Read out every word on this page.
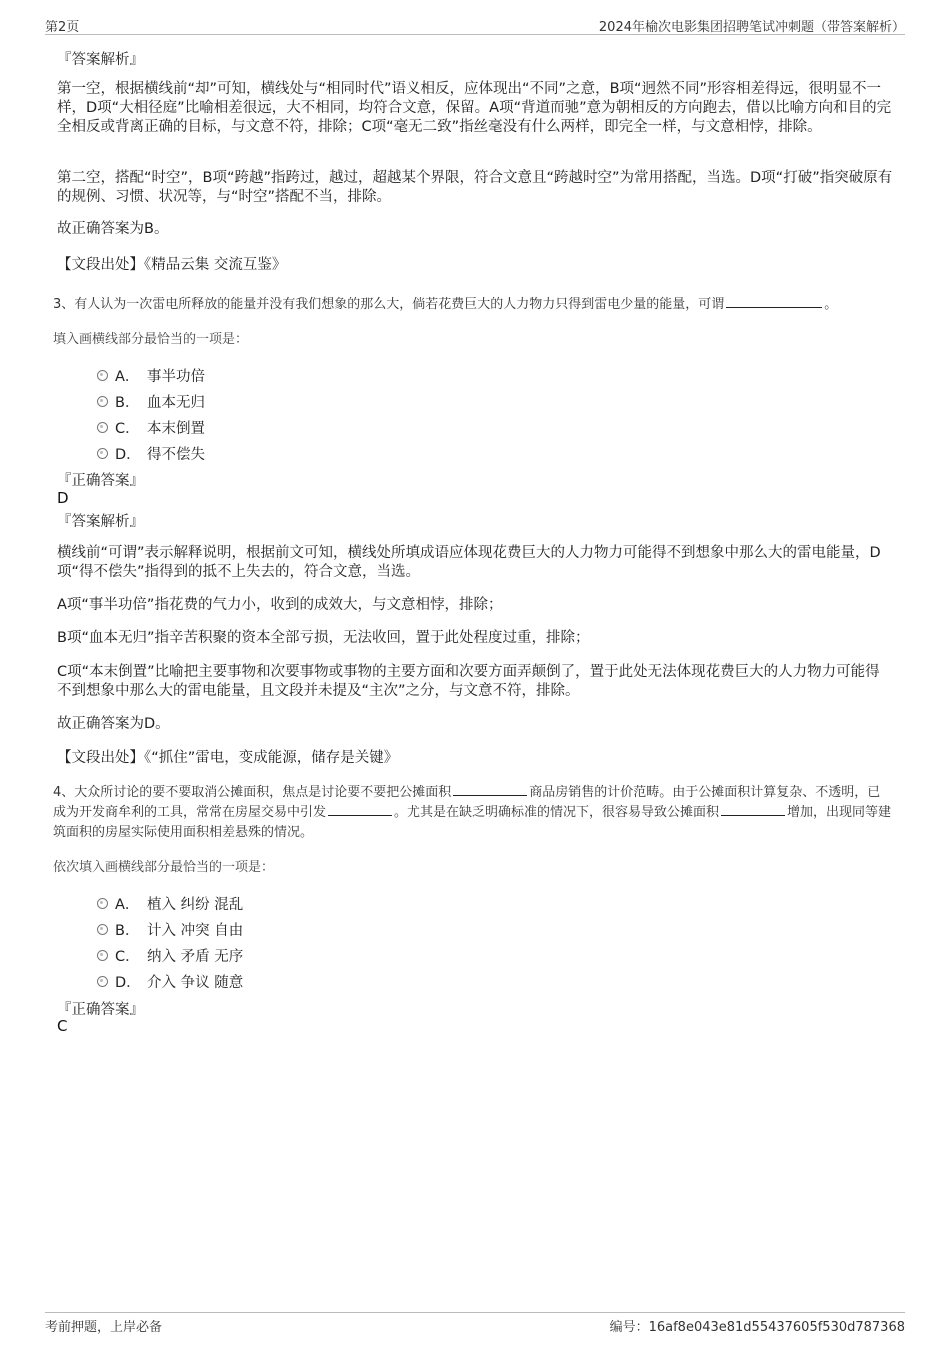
第2页	2024年榆次电影集团招聘笔试冲刺题（带答案解析）
『答案解析』

第一空，根据横线前“却”可知，横线处与“相同时代”语义相反，应体现出“不同”之意，B项“迥然不同”形容相差得远，很明显不一样，D项“大相径庭”比喻相差很远，大不相同，均符合文意，保留。A项“背道而驰”意为朝相反的方向跑去，借以比喻方向和目的完全相反或背离正确的目标，与文意不符，排除；C项“毫无二致”指丝毫没有什么两样，即完全一样，与文意相悖，排除。

第二空，搭配“时空”，B项“跨越”指跨过，越过，超越某个界限，符合文意且“跨越时空”为常用搭配，当选。D项“打破”指突破原有的规例、习惯、状况等，与“时空”搭配不当，排除。

故正确答案为B。

【文段出处】《精品云集 交流互鉴》

3、有人认为一次雷电所释放的能量并没有我们想象的那么大，倘若花费巨大的人力物力只得到雷电少量的能量，可谓	。

填入画横线部分最恰当的一项是：

A． 事半功倍
B． 血本无归
C． 本末倒置
D． 得不偿失
『正确答案』
D
『答案解析』

横线前“可谓”表示解释说明，根据前文可知，横线处所填成语应体现花费巨大的人力物力可能得不到想象中那么大的雷电能量，D项“得不偿失”指得到的抵不上失去的，符合文意，当选。

A项“事半功倍”指花费的气力小，收到的成效大，与文意相悖，排除；

B项“血本无归”指辛苦积聚的资本全部亏损，无法收回，置于此处程度过重，排除；

C项“本末倒置”比喻把主要事物和次要事物或事物的主要方面和次要方面弄颠倒了，置于此处无法体现花费巨大的人力物力可能得不到想象中那么大的雷电能量，且文段并未提及“主次”之分，与文意不符，排除。

故正确答案为D。

【文段出处】《“抓住”雷电，变成能源，储存是关键》

4、大众所讨论的要不要取消公摊面积，焦点是讨论要不要把公摊面积	商品房销售的计价范畴。由于公摊面积计算复杂、不透明，已成为开发商牟利的工具，常常在房屋交易中引发	。尤其是在缺乏明确标准的情况下，很容易导致公摊面积	增加，出现同等建筑面积的房屋实际使用面积相差悬殊的情况。

依次填入画横线部分最恰当的一项是：

A． 植入 纠纷 混乱
B． 计入 冲突 自由
C． 纳入 矛盾 无序
D． 介入 争议 随意
『正确答案』
C
考前押题，上岸必备	编号：16af8e043e81d55437605f530d787368
